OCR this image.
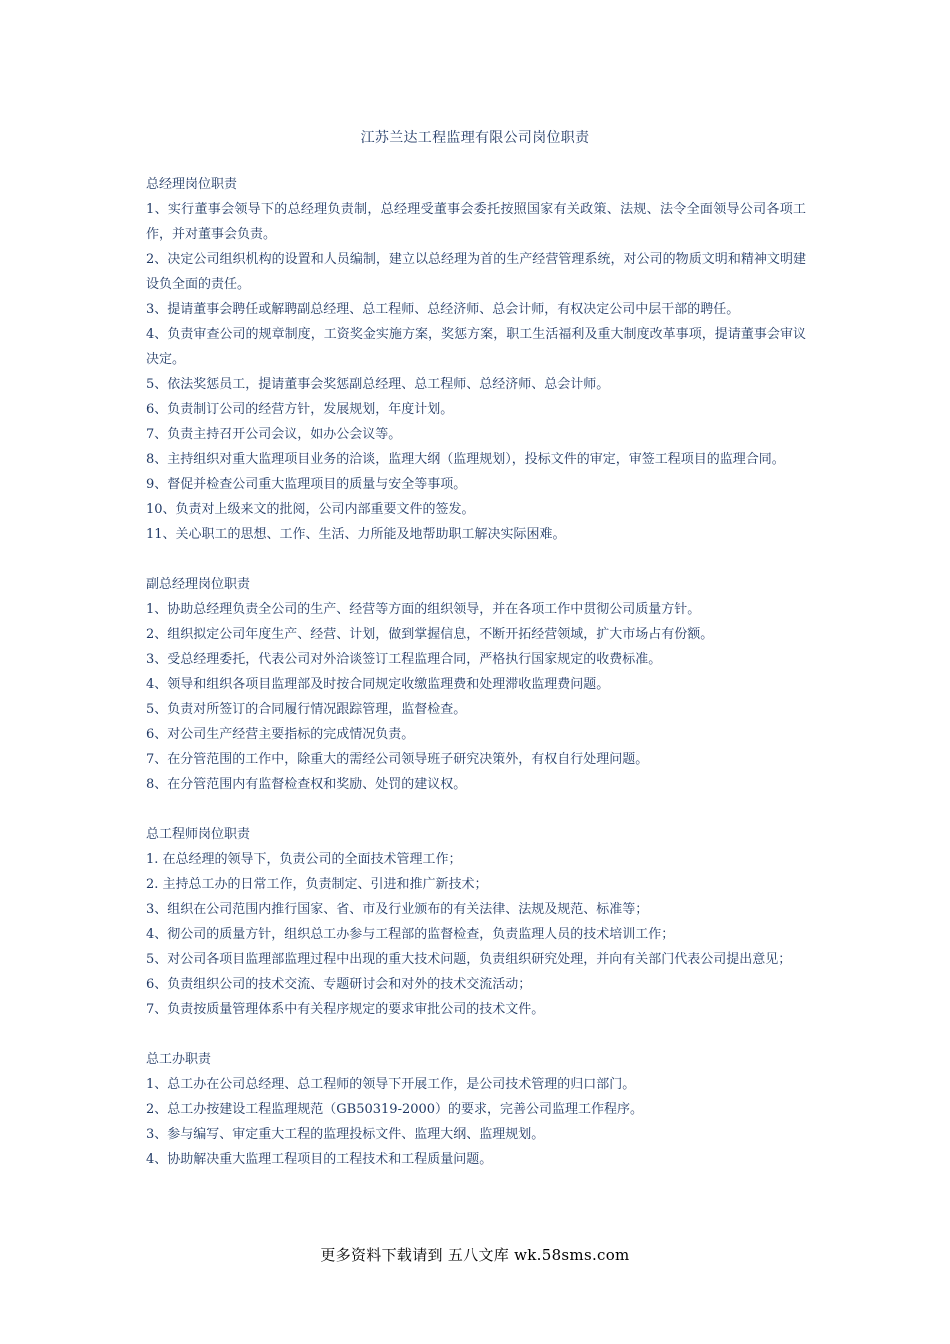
江苏兰达工程监理有限公司岗位职责

总经理岗位职责

1、实行董事会领导下的总经理负责制，总经理受董事会委托按照国家有关政策、法规、法令全面领导公司各项工作，并对董事会负责。
2、决定公司组织机构的设置和人员编制，建立以总经理为首的生产经营管理系统，对公司的物质文明和精神文明建设负全面的责任。
3、提请董事会聘任或解聘副总经理、总工程师、总经济师、总会计师，有权决定公司中层干部的聘任。
4、负责审查公司的规章制度，工资奖金实施方案，奖惩方案，职工生活福利及重大制度改革事项，提请董事会审议决定。
5、依法奖惩员工，提请董事会奖惩副总经理、总工程师、总经济师、总会计师。
6、负责制订公司的经营方针，发展规划，年度计划。
7、负责主持召开公司会议，如办公会议等。
8、主持组织对重大监理项目业务的洽谈，监理大纲（监理规划），投标文件的审定，审签工程项目的监理合同。
9、督促并检查公司重大监理项目的质量与安全等事项。
10、负责对上级来文的批阅，公司内部重要文件的签发。
11、关心职工的思想、工作、生活、力所能及地帮助职工解决实际困难。

副总经理岗位职责

1、协助总经理负责全公司的生产、经营等方面的组织领导，并在各项工作中贯彻公司质量方针。
2、组织拟定公司年度生产、经营、计划，做到掌握信息，不断开拓经营领域，扩大市场占有份额。
3、受总经理委托，代表公司对外洽谈签订工程监理合同，严格执行国家规定的收费标准。
4、领导和组织各项目监理部及时按合同规定收缴监理费和处理滞收监理费问题。
5、负责对所签订的合同履行情况跟踪管理，监督检查。
6、对公司生产经营主要指标的完成情况负责。
7、在分管范围的工作中，除重大的需经公司领导班子研究决策外，有权自行处理问题。
8、在分管范围内有监督检查权和奖励、处罚的建议权。

总工程师岗位职责

1. 在总经理的领导下，负责公司的全面技术管理工作；
2. 主持总工办的日常工作，负责制定、引进和推广新技术；
3、组织在公司范围内推行国家、省、市及行业颁布的有关法律、法规及规范、标准等；
4、彻公司的质量方针，组织总工办参与工程部的监督检查，负责监理人员的技术培训工作；
5、对公司各项目监理部监理过程中出现的重大技术问题，负责组织研究处理，并向有关部门代表公司提出意见；
6、负责组织公司的技术交流、专题研讨会和对外的技术交流活动；
7、负责按质量管理体系中有关程序规定的要求审批公司的技术文件。

总工办职责

1、总工办在公司总经理、总工程师的领导下开展工作，是公司技术管理的归口部门。
2、总工办按建设工程监理规范（GB50319-2000）的要求，完善公司监理工作程序。
3、参与编写、审定重大工程的监理投标文件、监理大纲、监理规划。
4、协助解决重大监理工程项目的工程技术和工程质量问题。
更多资料下载请到 五八文库 wk.58sms.com
